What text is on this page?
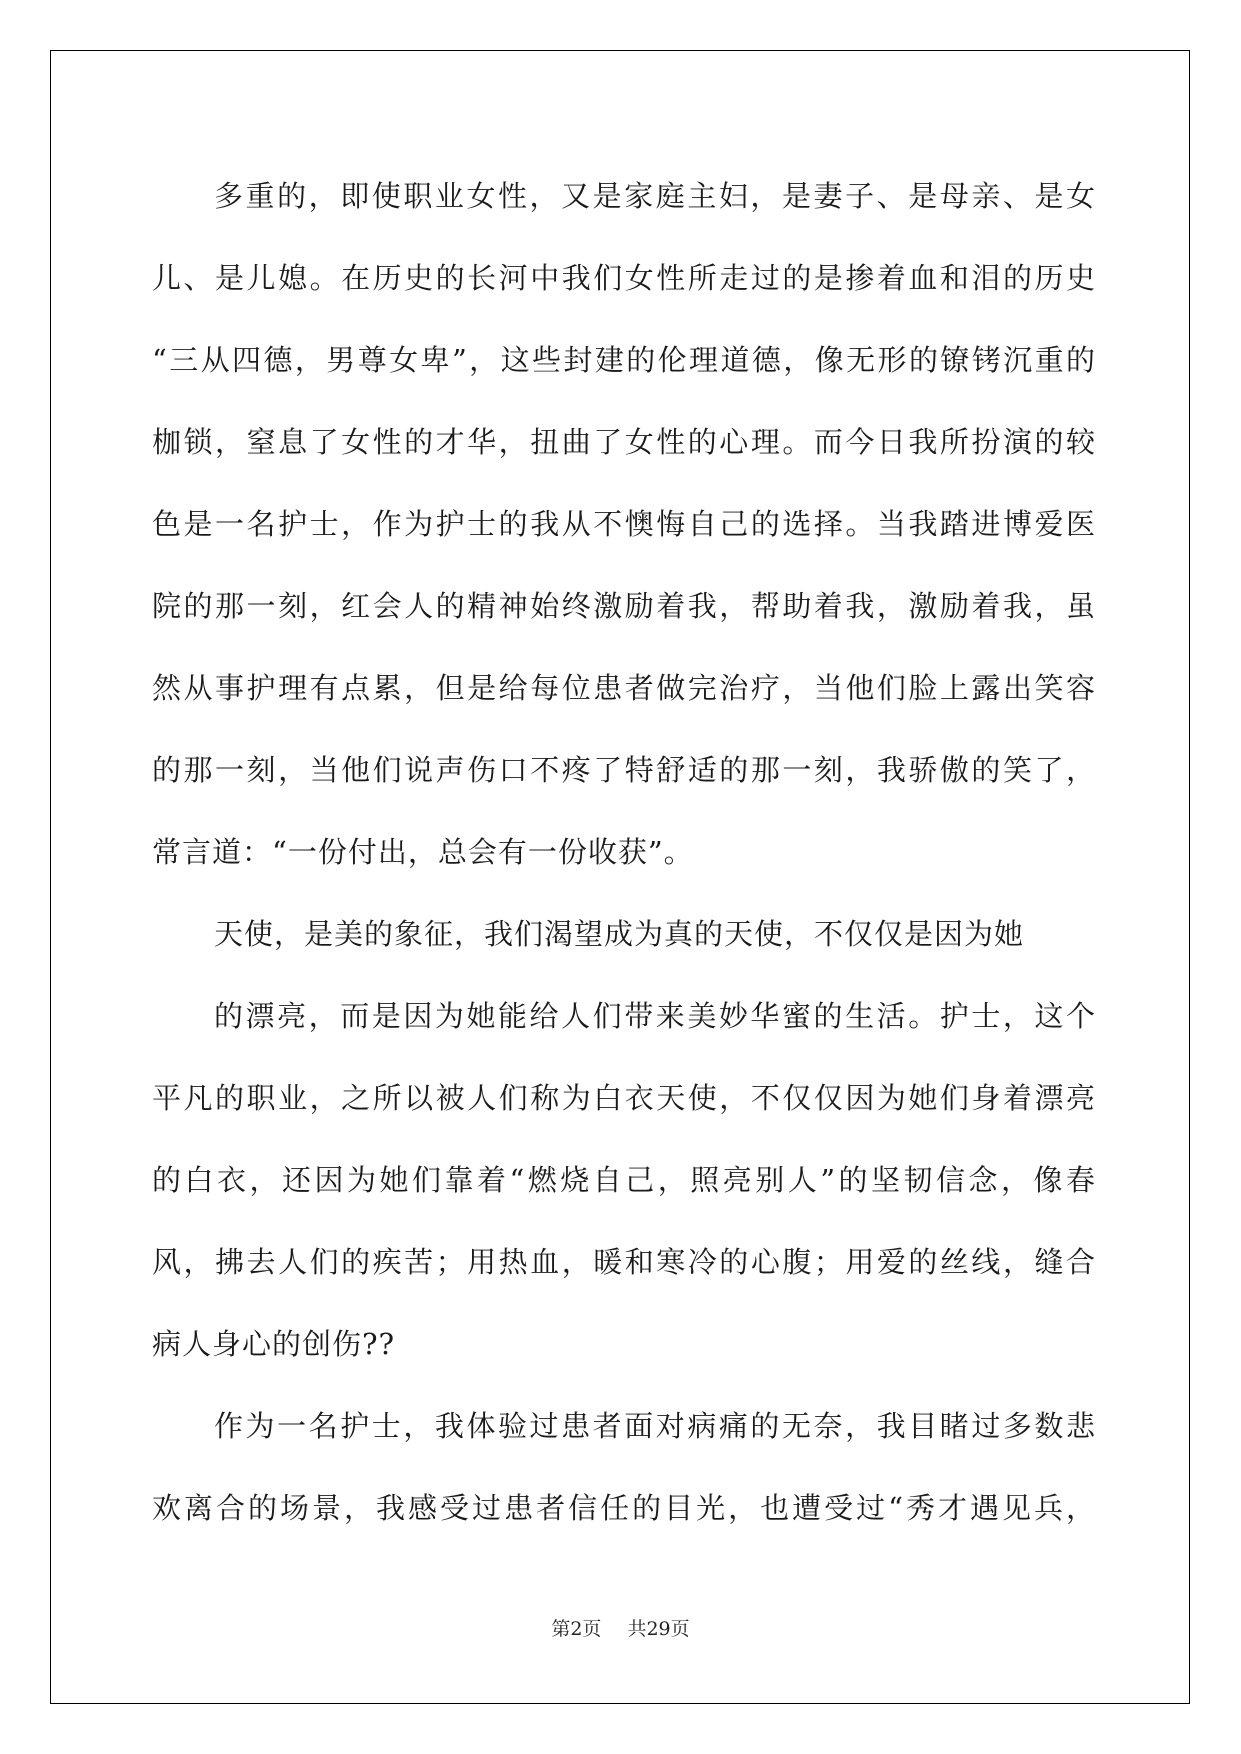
多重的，即使职业女性，又是家庭主妇，是妻子、是母亲、是女
儿、是儿媳。在历史的长河中我们女性所走过的是掺着血和泪的历史
“三从四德，男尊女卑”，这些封建的伦理道德，像无形的镣铐沉重的
枷锁，窒息了女性的才华，扭曲了女性的心理。而今日我所扮演的较
色是一名护士，作为护士的我从不懊悔自己的选择。当我踏进博爱医
院的那一刻，红会人的精神始终激励着我，帮助着我，激励着我，虽
然从事护理有点累，但是给每位患者做完治疗，当他们脸上露出笑容
的那一刻，当他们说声伤口不疼了特舒适的那一刻，我骄傲的笑了，
常言道：“一份付出，总会有一份收获”。
天使，是美的象征，我们渴望成为真的天使，不仅仅是因为她
的漂亮，而是因为她能给人们带来美妙华蜜的生活。护士，这个
平凡的职业，之所以被人们称为白衣天使，不仅仅因为她们身着漂亮
的白衣，还因为她们靠着“燃烧自己，照亮别人”的坚韧信念，像春
风，拂去人们的疾苦；用热血，暖和寒冷的心腹；用爱的丝线，缝合
病人身心的创伤??
作为一名护士，我体验过患者面对病痛的无奈，我目睹过多数悲
欢离合的场景，我感受过患者信任的目光，也遭受过“秀才遇见兵，
第2页 共29页
